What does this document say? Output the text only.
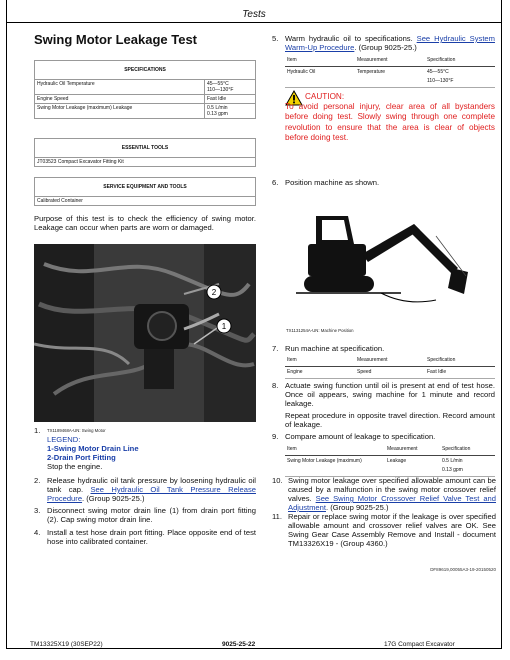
Tests
Swing Motor Leakage Test
SPECIFICATIONS	
Hydraulic Oil Temperature	45—55°C
110—130°F
Engine Speed	Fast Idle
Swing Motor Leakage (maximum) Leakage	0.5 L/min
0.13 gpm
ESSENTIAL TOOLS
JT03523 Compact Excavator Fitting Kit
SERVICE EQUIPMENT AND TOOLS
Calibrated Container
Purpose of this test is to check the efficiency of swing motor. Leakage can occur when parts are worn or damaged.
2
1
1. TX1189468A-UN: Swing Motor
LEGEND:
1-Swing Motor Drain Line
2-Drain Port Fitting
Stop the engine.
2. Release hydraulic oil tank pressure by loosening hydraulic oil tank cap. See Hydraulic Oil Tank Pressure Release Procedure. (Group 9025-25.)
3. Disconnect swing motor drain line (1) from drain port fitting (2). Cap swing motor drain line.
4. Install a test hose drain port fitting. Place opposite end of test hose into calibrated container.
5. Warm hydraulic oil to specifications. See Hydraulic System Warm-Up Procedure. (Group 9025-25.)
Item	Measurement	Specification
Hydraulic Oil	Temperature	45—55°C
110—130°F
CAUTION:
To avoid personal injury, clear area of all bystanders before doing test. Slowly swing through one complete revolution to ensure that the area is clear of objects before doing test.
6. Position machine as shown.
TX1131254A-UN: Machine Position
7. Run machine at specification.
Item	Measurement	Specification
Engine	Speed	Fast Idle
8. Actuate swing function until oil is present at end of test hose. Once oil appears, swing machine for 1 minute and record leakage.
Repeat procedure in opposite travel direction. Record amount of leakage.
9. Compare amount of leakage to specification.
Item	Measurement	Specification
Swing Motor Leakage (maximum)	Leakage	0.5 L/min
0.13 gpm
10. Swing motor leakage over specified allowable amount can be caused by a malfunction in the swing motor crossover relief valves. See Swing Motor Crossover Relief Valve Test and Adjustment. (Group 9025-25.)
11. Repair or replace swing motor if the leakage is over specified allowable amount and crossover relief valves are OK. See Swing Gear Case Assembly Remove and Install - document TM13326X19 - (Group 4360.)
DF89619,00055A3-19-20150520
TM13325X19 (30SEP22)	9025-25-22	17G Compact Excavator
